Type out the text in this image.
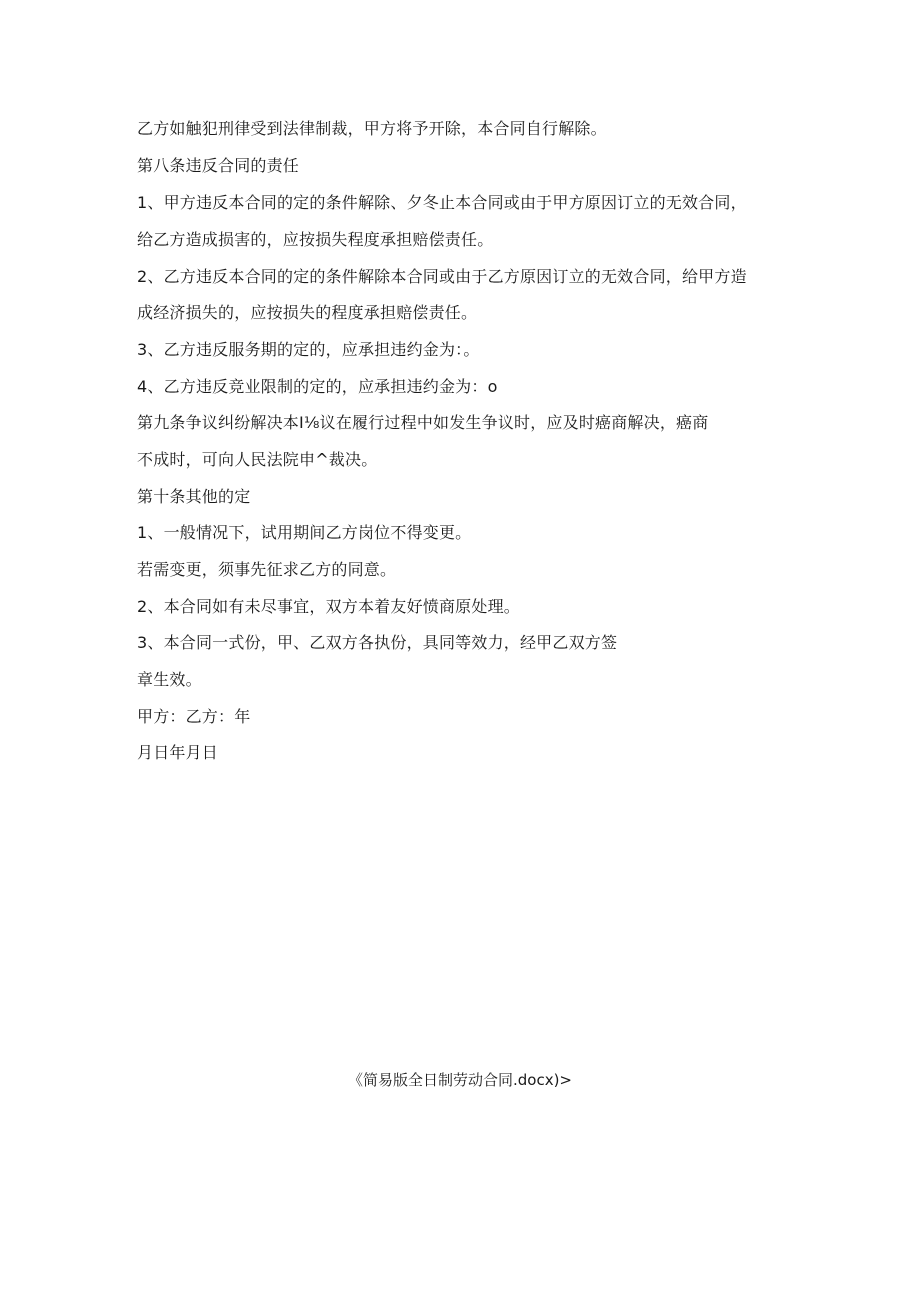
乙方如触犯刑律受到法律制裁，甲方将予开除，本合同自行解除。
第八条违反合同的责任
1、甲方违反本合同的定的条件解除、夕冬止本合同或由于甲方原因订立的无效合同，
给乙方造成损害的，应按损失程度承担赔偿责任。
2、乙方违反本合同的定的条件解除本合同或由于乙方原因订立的无效合同，给甲方造
成经济损失的，应按损失的程度承担赔偿责任。
3、乙方违反服务期的定的，应承担违约金为：。
4、乙方违反竞业限制的定的，应承担违约金为：o
第九条争议纠纷解决本I⅛议在履行过程中如发生争议时，应及时癌商解决，癌商
不成时，可向人民法院申^裁决。
第十条其他的定
1、一般情况下，试用期间乙方岗位不得变更。
若需变更，须事先征求乙方的同意。
2、本合同如有未尽事宜，双方本着友好愤商原处理。
3、本合同一式份，甲、乙双方各执份，具同等效力，经甲乙双方签
章生效。
甲方：乙方：年
月日年月日
《简易版全日制劳动合同.docx)>
